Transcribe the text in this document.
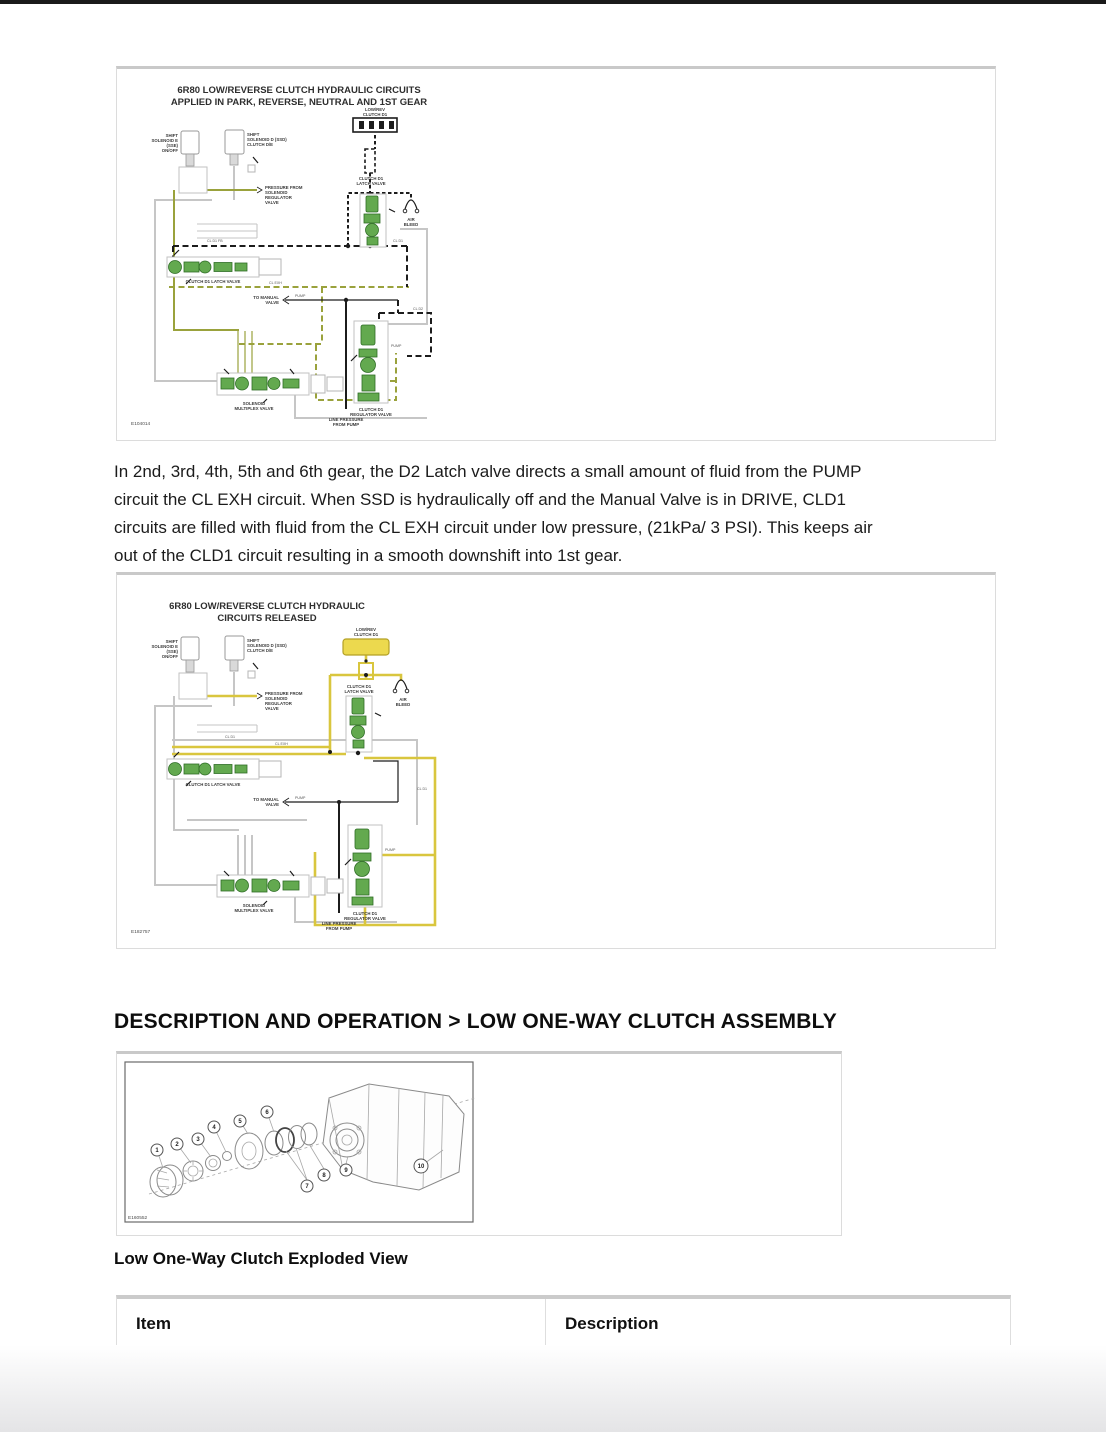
6R80 LOW/REVERSE CLUTCH HYDRAULIC CIRCUITS
APPLIED IN PARK, REVERSE, NEUTRAL AND 1ST GEAR
LOW/REV
CLUTCH D1
AIR
BLEED
SHIFT
SOLENOID E
(SSE)
ON/OFF
SHIFT
SOLENOID D (SSD)
CLUTCH D/E
PRESSURE FROM
SOLENOID
REGULATOR
VALVE
CLUTCH D1
LATCH VALVE
CLUTCH D1 LATCH VALVE
TO MANUAL
VALVE
PUMP
SOLENOID
MULTIPLEX VALVE
PUMP
CLUTCH D1
REGULATOR VALVE
LINE PRESSURE
FROM PUMP
CL D1 FB	CL D1
CL EXH
CL D2
E104014
In 2nd, 3rd, 4th, 5th and 6th gear, the D2 Latch valve directs a small amount of fluid from the PUMP
circuit the CL EXH circuit. When SSD is hydraulically off and the Manual Valve is in DRIVE, CLD1
circuits are filled with fluid from the CL EXH circuit under low pressure, (21kPa/ 3 PSI). This keeps air
out of the CLD1 circuit resulting in a smooth downshift into 1st gear.
6R80 LOW/REVERSE CLUTCH HYDRAULIC
CIRCUITS RELEASED
LOW/REV
CLUTCH D1
AIR
BLEED
SHIFT
SOLENOID E
(SSE)
ON/OFF
SHIFT
SOLENOID D (SSD)
CLUTCH D/E
PRESSURE FROM
SOLENOID
REGULATOR
VALVE
CLUTCH D1
LATCH VALVE
CLUTCH D1 LATCH VALVE
TO MANUAL
VALVE
PUMP
SOLENOID
MULTIPLEX VALVE
PUMP
CLUTCH D1
REGULATOR VALVE
LINE PRESSURE
FROM PUMP
CL D1
CL EXH
CL D1
E182757
DESCRIPTION AND OPERATION > LOW ONE-WAY CLUTCH ASSEMBLY
1
2
3
4
5
6
7
8
9
10
E160552
Low One-Way Clutch Exploded View
Item	Description
